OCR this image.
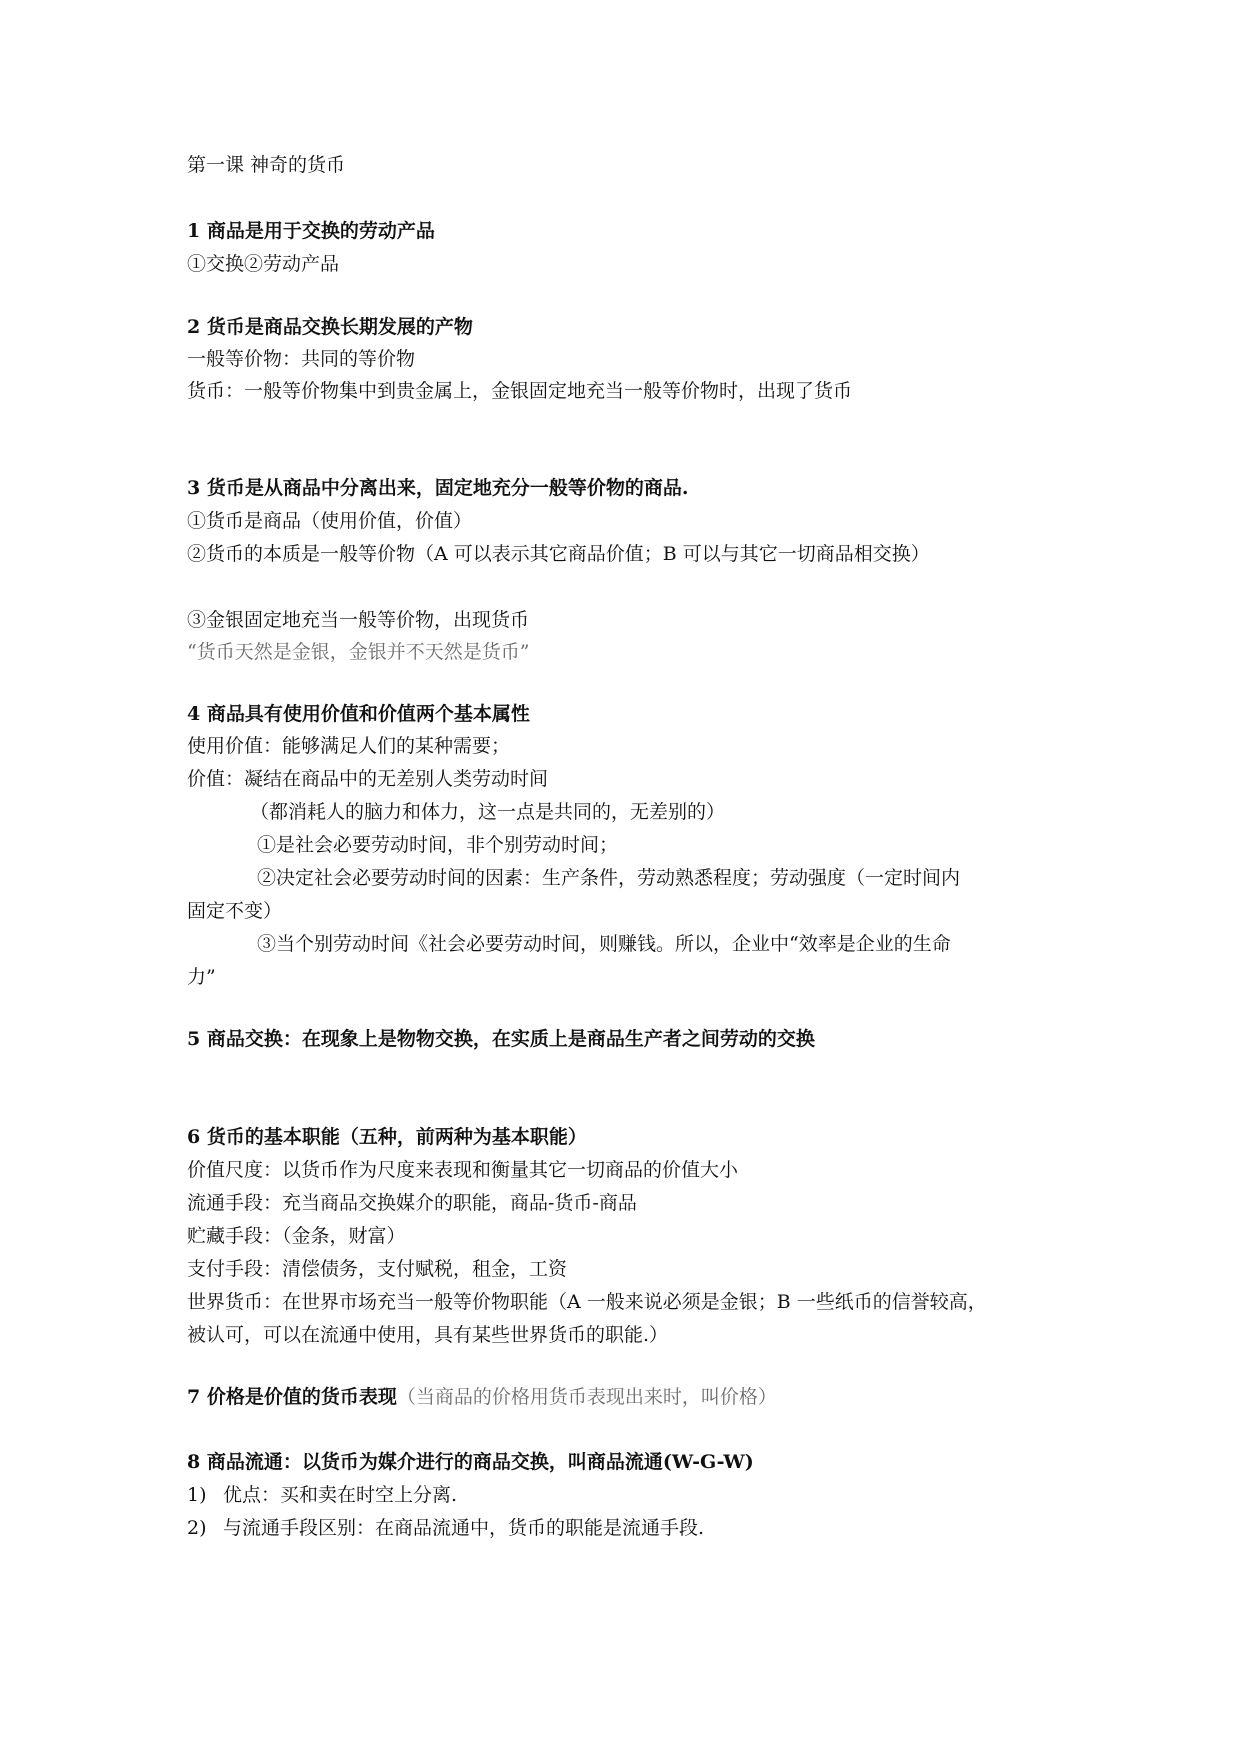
第一课 神奇的货币
1 商品是用于交换的劳动产品
①交换②劳动产品
2 货币是商品交换长期发展的产物
一般等价物：共同的等价物
货币：一般等价物集中到贵金属上，金银固定地充当一般等价物时，出现了货币
3 货币是从商品中分离出来，固定地充分一般等价物的商品.
①货币是商品（使用价值，价值）
②货币的本质是一般等价物（A 可以表示其它商品价值；B 可以与其它一切商品相交换）
③金银固定地充当一般等价物，出现货币
“货币天然是金银，金银并不天然是货币”
4 商品具有使用价值和价值两个基本属性
使用价值：能够满足人们的某种需要；
价值：凝结在商品中的无差别人类劳动时间
（都消耗人的脑力和体力，这一点是共同的，无差别的）
①是社会必要劳动时间，非个别劳动时间；
②决定社会必要劳动时间的因素：生产条件，劳动熟悉程度；劳动强度（一定时间内
固定不变）
③当个别劳动时间《社会必要劳动时间，则赚钱。所以，企业中“效率是企业的生命
力”
5 商品交换：在现象上是物物交换，在实质上是商品生产者之间劳动的交换
6 货币的基本职能（五种，前两种为基本职能）
价值尺度：以货币作为尺度来表现和衡量其它一切商品的价值大小
流通手段：充当商品交换媒介的职能，商品-货币-商品
贮藏手段：（金条，财富）
支付手段：清偿债务，支付赋税，租金，工资
世界货币：在世界市场充当一般等价物职能（A 一般来说必须是金银；B 一些纸币的信誉较高，
被认可，可以在流通中使用，具有某些世界货币的职能.）
7 价格是价值的货币表现（当商品的价格用货币表现出来时，叫价格）
8 商品流通：以货币为媒介进行的商品交换，叫商品流通(W-G-W)
1) 优点：买和卖在时空上分离.
2) 与流通手段区别：在商品流通中，货币的职能是流通手段.
